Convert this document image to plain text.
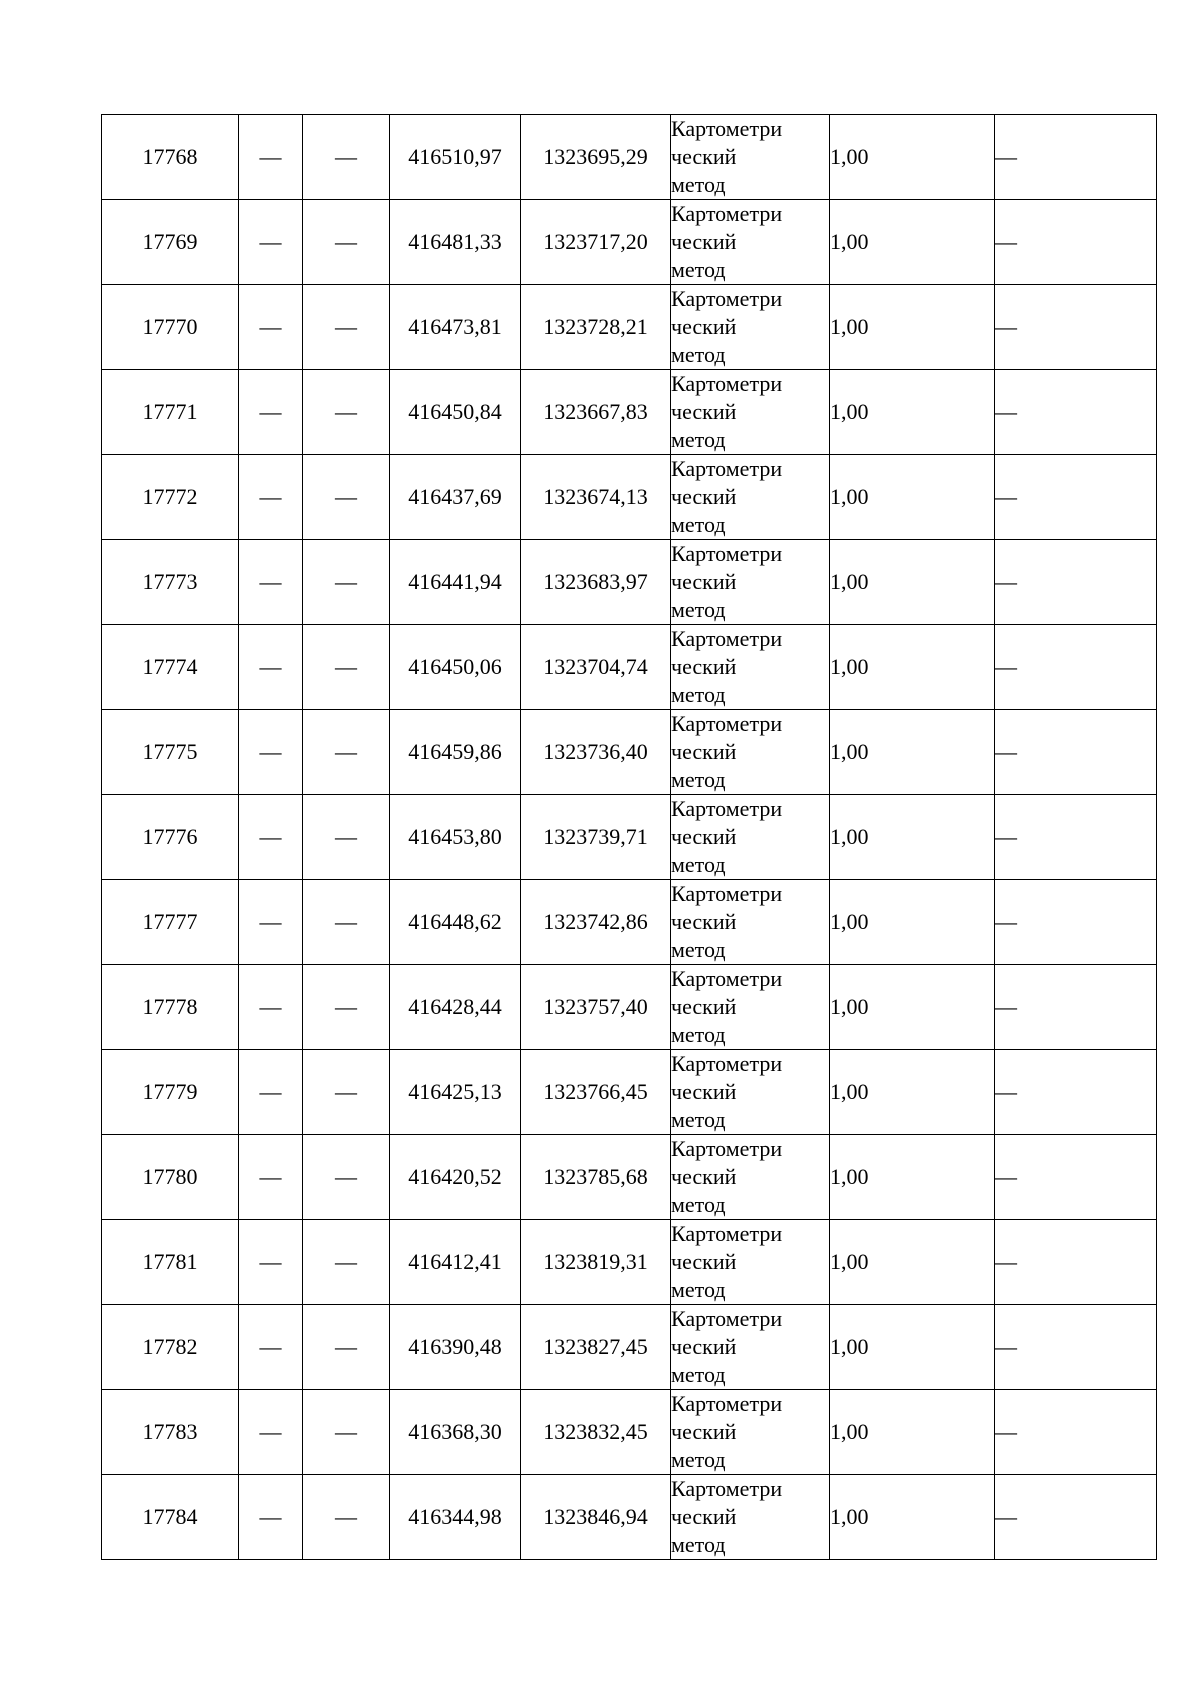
17768	—	—	416510,97	1323695,29	Картометри
ческий
метод	1,00	—
17769	—	—	416481,33	1323717,20	Картометри
ческий
метод	1,00	—
17770	—	—	416473,81	1323728,21	Картометри
ческий
метод	1,00	—
17771	—	—	416450,84	1323667,83	Картометри
ческий
метод	1,00	—
17772	—	—	416437,69	1323674,13	Картометри
ческий
метод	1,00	—
17773	—	—	416441,94	1323683,97	Картометри
ческий
метод	1,00	—
17774	—	—	416450,06	1323704,74	Картометри
ческий
метод	1,00	—
17775	—	—	416459,86	1323736,40	Картометри
ческий
метод	1,00	—
17776	—	—	416453,80	1323739,71	Картометри
ческий
метод	1,00	—
17777	—	—	416448,62	1323742,86	Картометри
ческий
метод	1,00	—
17778	—	—	416428,44	1323757,40	Картометри
ческий
метод	1,00	—
17779	—	—	416425,13	1323766,45	Картометри
ческий
метод	1,00	—
17780	—	—	416420,52	1323785,68	Картометри
ческий
метод	1,00	—
17781	—	—	416412,41	1323819,31	Картометри
ческий
метод	1,00	—
17782	—	—	416390,48	1323827,45	Картометри
ческий
метод	1,00	—
17783	—	—	416368,30	1323832,45	Картометри
ческий
метод	1,00	—
17784	—	—	416344,98	1323846,94	Картометри
ческий
метод	1,00	—
